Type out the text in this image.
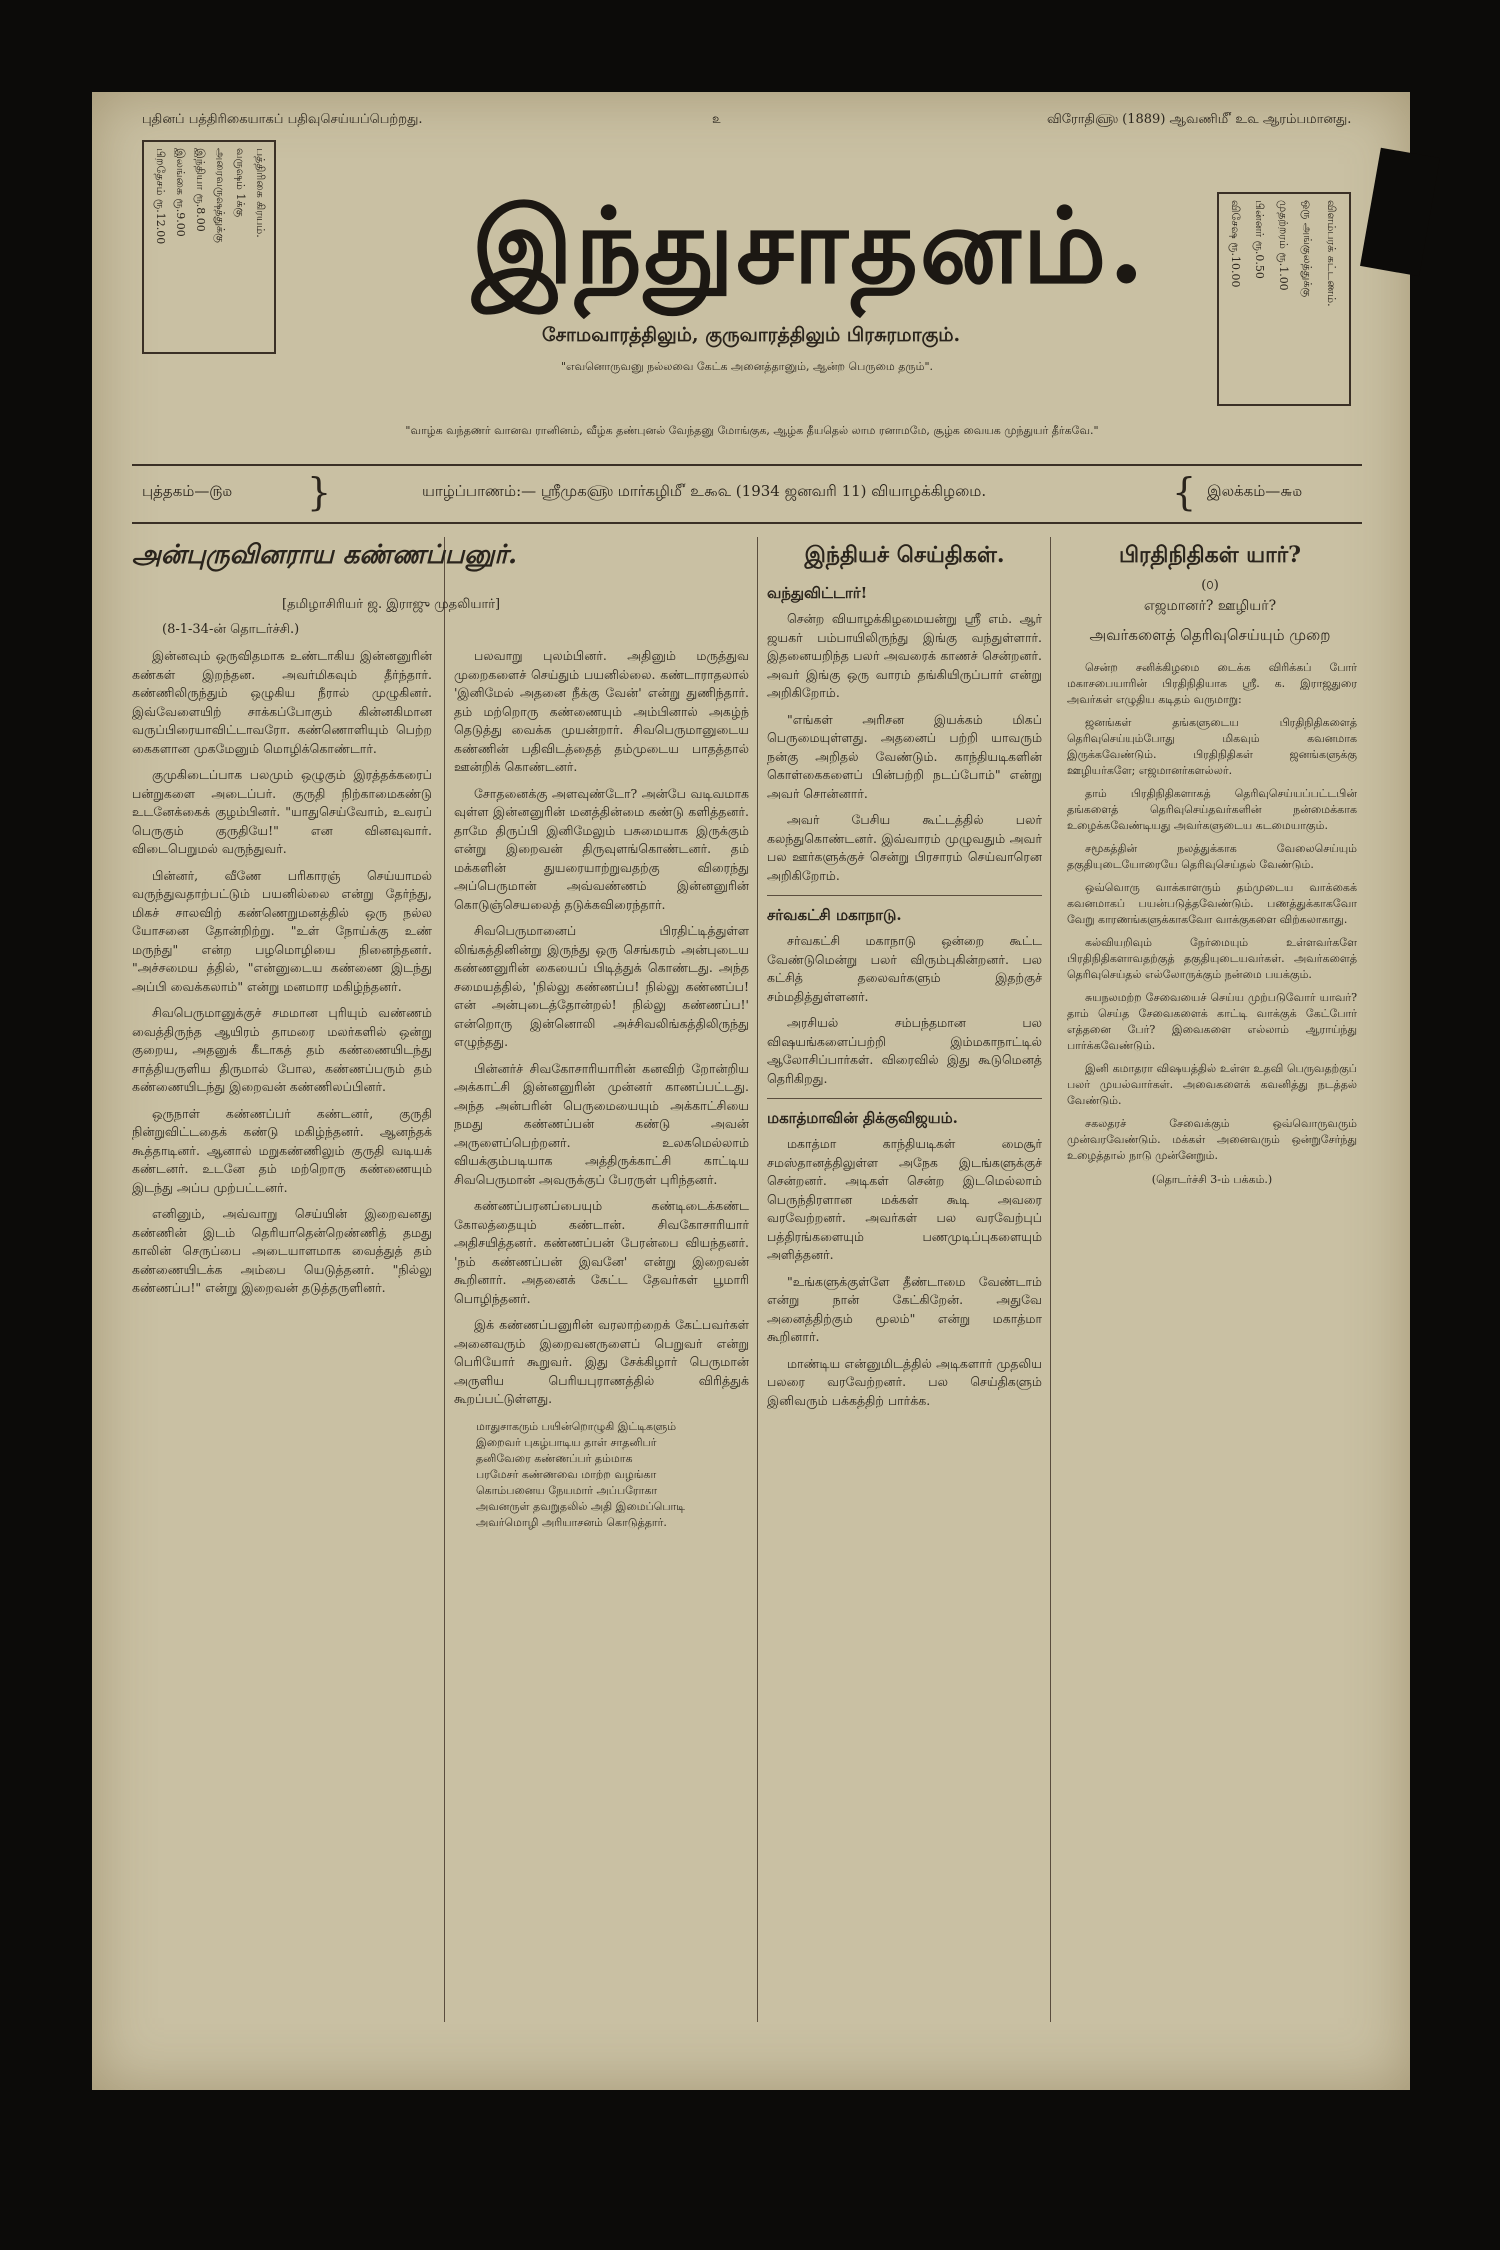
புதினப் பத்திரிகையாகப் பதிவுசெய்யப்பெற்றது.	௨	விரோதி௵ (1889) ஆவணி௴ உ௳ ஆரம்பமானது.
பத்திரிகை கிரயம்.
வருஷம் 1க்கு
அரைவருஷத்துக்கு
இந்தியா ரூ.8.00
இலங்கை ரூ.9.00
பிறதேசம் ரூ.12.00
விளம்பரக் கட்டணம்.
ஒரு அங்குலத்துக்கு
முதற்றரம் ரூ.1.00
பின்னர் ரூ.0.50
விசேஷ ரூ.10.00
இந்துசாதனம்.
சோமவாரத்திலும், குருவாரத்திலும் பிரசுரமாகும்.
"எவனொருவனு நல்லவை கேட்க அனைத்தானும், ஆன்ற பெருமை தரும்".
"வாழ்க வந்தணர் வானவ ரானினம், வீழ்க தண்புனல் வேந்தனு மோங்குக, ஆழ்க தீயதெல் லாம ரனாமமே, சூழ்க வையக முந்துயர் தீர்கவே."
புத்தகம்—௫௰ }	யாழ்ப்பாணம்:— ஸ்ரீமுக௵ மார்கழி௴ உ௯௳ (1934 ஜனவரி 11) வியாழக்கிழமை.	{ இலக்கம்—௬௰
அன்புருவினராய கண்ணப்பனுர்.
[தமிழாசிரியர் ஜ. இராஜு முதலியார்]
(8-1-34-ன் தொடர்ச்சி.)

இன்னவும் ஒருவிதமாக உண்டாகிய இன்னனுரின் கண்கள் இறந்தன. அவர்மிகவும் தீர்ந்தார். கண்ணிலிருந்தும் ஒழுகிய நீரால் முழுகினர். இவ்வேளையிற் சாக்கப்போகும் கின்னகிமான வருப்பிரையாவிட்டாவரோ. கண்ணொளியும் பெற்ற கைகளான முகமேனும் மொழிக்கொண்டார்.

குமுகிடைப்பாக பலமும் ஒழுகும் இரத்தக்கரைப் பன்றுகளை அடைப்பர். குருதி நிற்காமைகண்டு உடனேக்கைக் குழம்பினர். "யாதுசெய்வோம், உவரப் பெருகும் குருதியே!" என வினவுவார். விடைபெறுமல் வருந்துவர்.

பின்னர், வீணே பரிகாரஞ் செய்யாமல் வருந்துவதாற்பட்டும் பயனில்லை என்று தேர்ந்து, மிகச் சாலவிற் கண்ணெறுமனத்தில் ஒரு நல்ல யோசனை தோன்றிற்று. "உள் நோய்க்கு உண் மருந்து" என்ற பழமொழியை நினைந்தனர். "அச்சமைய த்தில், "என்னுடைய கண்ணை இடந்து அப்பி வைக்கலாம்" என்று மனமார மகிழ்ந்தனர்.

சிவபெருமானுக்குச் சமமான புரியும் வண்ணம் வைத்திருந்த ஆயிரம் தாமரை மலர்களில் ஒன்று குறைய, அதனுக் கீடாகத் தம் கண்ணையிடந்து சாத்தியருளிய திருமால் போல, கண்ணப்பரும் தம் கண்ணையிடந்து இறைவன் கண்ணிலப்பினர்.

ஒருநாள் கண்ணப்பர் கண்டனர், குருதி நின்றுவிட்டதைக் கண்டு மகிழ்ந்தனர். ஆனந்தக் கூத்தாடினர். ஆனால் மறுகண்ணிலும் குருதி வடியக் கண்டனர். உடனே தம் மற்றொரு கண்ணையும் இடந்து அப்ப முற்பட்டனர்.

எனினும், அவ்வாறு செய்யின் இறைவனது கண்ணின் இடம் தெரியாதென்றெண்ணித் தமது காலின் செருப்பை அடையாளமாக வைத்துத் தம் கண்ணையிடக்க அம்பை யெடுத்தனர். "நில்லு கண்ணப்ப!" என்று இறைவன் தடுத்தருளினர்.

பலவாறு புலம்பினர். அதினும் மருத்துவ முறைகளைச் செய்தும் பயனில்லை. கண்டாராதலால் 'இனிமேல் அதனை நீக்கு வேன்' என்று துணிந்தார். தம் மற்றொரு கண்ணையும் அம்பினால் அகழ்ந் தெடுத்து வைக்க முயன்றார். சிவபெருமானுடைய கண்ணின் பதிவிடத்தைத் தம்முடைய பாதத்தால் ஊன்றிக் கொண்டனர்.

சோதனைக்கு அளவுண்டோ? அன்பே வடிவமாக வுள்ள இன்னனுரின் மனத்தின்மை கண்டு களித்தனர். தாமே திருப்பி இனிமேலும் பசுமையாக இருக்கும் என்று இறைவன் திருவுளங்கொண்டனர். தம் மக்களின் துயரையாற்றுவதற்கு விரைந்து அப்பெருமான் அவ்வண்ணம் இன்னனுரின் கொடுஞ்செயலைத் தடுக்கவிரைந்தார்.

சிவபெருமானைப் பிரதிட்டித்துள்ள லிங்கத்தினின்று இருந்து ஒரு செங்கரம் அன்புடைய கண்ணனுரின் கையைப் பிடித்துக் கொண்டது. அந்த சமையத்தில், 'நில்லு கண்ணப்ப! நில்லு கண்ணப்ப! என் அன்புடைத்தோன்றல்! நில்லு கண்ணப்ப!' என்றொரு இன்னொலி அச்சிவலிங்கத்திலிருந்து எழுந்தது.

பின்னர்ச் சிவகோசாரியாரின் கனவிற் றோன்றிய அக்காட்சி இன்னனுரின் முன்னர் காணப்பட்டது. அந்த அன்பரின் பெருமையையும் அக்காட்சியை நமது கண்ணப்பன் கண்டு அவன் அருளைப்பெற்றனர். உலகமெல்லாம் வியக்கும்படியாக அத்திருக்காட்சி காட்டிய சிவபெருமான் அவருக்குப் பேரருள் புரிந்தனர்.

கண்ணப்பரனப்பையும் கண்டிடைக்கண்ட கோலத்தையும் கண்டான். சிவகோசாரியார் அதிசயித்தனர். கண்ணப்பன் பேரன்பை வியந்தனர். 'நம் கண்ணப்பன் இவனே' என்று இறைவன் கூறினார். அதனைக் கேட்ட தேவர்கள் பூமாரி பொழிந்தனர்.

இக் கண்ணப்பனுரின் வரலாற்றைக் கேட்பவர்கள் அனைவரும் இறைவனருளைப் பெறுவர் என்று பெரியோர் கூறுவர். இது சேக்கிழார் பெருமான் அருளிய பெரியபுராணத்தில் விரித்துக் கூறப்பட்டுள்ளது.

மாதுசாகரும் பயின்றொழுகி இட்டிகளும்
இறைவர் புகழ்பாடிய தாள் சாதனிபர்
தனிவேரை கண்ணப்பர் தம்மாக
பரமேசர் கண்ணவை மாற்ற வழங்கா
கொம்பனைய நேயமார் அப்பரோகா
அவனருள் தவறுதலில் அதி இமைப்பொடி
அவர்மொழி அரியாசனம் கொடுத்தார்.
இந்தியச் செய்திகள்.
வந்துவிட்டார்!

சென்ற வியாழக்கிழமையன்று ஸ்ரீ எம். ஆர் ஜயகர் பம்பாயிலிருந்து இங்கு வந்துள்ளார். இதனையறிந்த பலர் அவரைக் காணச் சென்றனர். அவர் இங்கு ஒரு வாரம் தங்கியிருப்பார் என்று அறிகிறோம்.

"எங்கள் அரிசன இயக்கம் மிகப் பெருமையுள்ளது. அதனைப் பற்றி யாவரும் நன்கு அறிதல் வேண்டும். காந்தியடிகளின் கொள்கைகளைப் பின்பற்றி நடப்போம்" என்று அவர் சொன்னார்.

அவர் பேசிய கூட்டத்தில் பலர் கலந்துகொண்டனர். இவ்வாரம் முழுவதும் அவர் பல ஊர்களுக்குச் சென்று பிரசாரம் செய்வாரென அறிகிறோம்.

சர்வகட்சி மகாநாடு.

சர்வகட்சி மகாநாடு ஒன்றை கூட்ட வேண்டுமென்று பலர் விரும்புகின்றனர். பல கட்சித் தலைவர்களும் இதற்குச் சம்மதித்துள்ளனர்.

அரசியல் சம்பந்தமான பல விஷயங்களைப்பற்றி இம்மகாநாட்டில் ஆலோசிப்பார்கள். விரைவில் இது கூடுமெனத் தெரிகிறது.

மகாத்மாவின் திக்குவிஜயம்.

மகாத்மா காந்தியடிகள் மைசூர் சமஸ்தானத்திலுள்ள அநேக இடங்களுக்குச் சென்றனர். அடிகள் சென்ற இடமெல்லாம் பெருந்திரளான மக்கள் கூடி அவரை வரவேற்றனர். அவர்கள் பல வரவேற்புப் பத்திரங்களையும் பணமுடிப்புகளையும் அளித்தனர்.

"உங்களுக்குள்ளே தீண்டாமை வேண்டாம் என்று நான் கேட்கிறேன். அதுவே அனைத்திற்கும் மூலம்" என்று மகாத்மா கூறினார்.

மாண்டிய என்னுமிடத்தில் அடிகளார் முதலிய பலரை வரவேற்றனர். பல செய்திகளும் இனிவரும் பக்கத்திற் பார்க்க.

பிரதிநிதிகள் யார்?
(௦)
எஜமானர்? ஊழியர்?
அவர்களைத் தெரிவுசெய்யும் முறை

சென்ற சனிக்கிழமை டைக்க விரிக்கப் போர் மகாசபையாரின் பிரதிநிதியாக ஸ்ரீ. க. இராஜதுரை அவர்கள் எழுதிய கடிதம் வருமாறு:

ஜனங்கள் தங்களுடைய பிரதிநிதிகளைத் தெரிவுசெய்யும்போது மிகவும் கவனமாக இருக்கவேண்டும். பிரதிநிதிகள் ஜனங்களுக்கு ஊழியர்களே; எஜமானர்களல்லர்.

தாம் பிரதிநிதிகளாகத் தெரிவுசெய்யப்பட்டபின் தங்களைத் தெரிவுசெய்தவர்களின் நன்மைக்காக உழைக்கவேண்டியது அவர்களுடைய கடமையாகும்.

சமூகத்தின் நலத்துக்காக வேலைசெய்யும் தகுதியுடையோரையே தெரிவுசெய்தல் வேண்டும்.

ஒவ்வொரு வாக்காளரும் தம்முடைய வாக்கைக் கவனமாகப் பயன்படுத்தவேண்டும். பணத்துக்காகவோ வேறு காரணங்களுக்காகவோ வாக்குகளை விற்கலாகாது.

கல்வியறிவும் நேர்மையும் உள்ளவர்களே பிரதிநிதிகளாவதற்குத் தகுதியுடையவர்கள். அவர்களைத் தெரிவுசெய்தல் எல்லோருக்கும் நன்மை பயக்கும்.

சுயநலமற்ற சேவையைச் செய்ய முற்படுவோர் யாவர்? தாம் செய்த சேவைகளைக் காட்டி வாக்குக் கேட்போர் எத்தனை பேர்? இவைகளை எல்லாம் ஆராய்ந்து பார்க்கவேண்டும்.

இனி கமாதரா விஷயத்தில் உள்ள உதவி பெருவதற்குப் பலர் முயல்வார்கள். அவைகளைக் கவனித்து நடத்தல் வேண்டும்.

சகலதரச் சேவைக்கும் ஒவ்வொருவரும் முன்வரவேண்டும். மக்கள் அனைவரும் ஒன்றுசேர்ந்து உழைத்தால் நாடு முன்னேறும்.

(தொடர்ச்சி 3-ம் பக்கம்.)
